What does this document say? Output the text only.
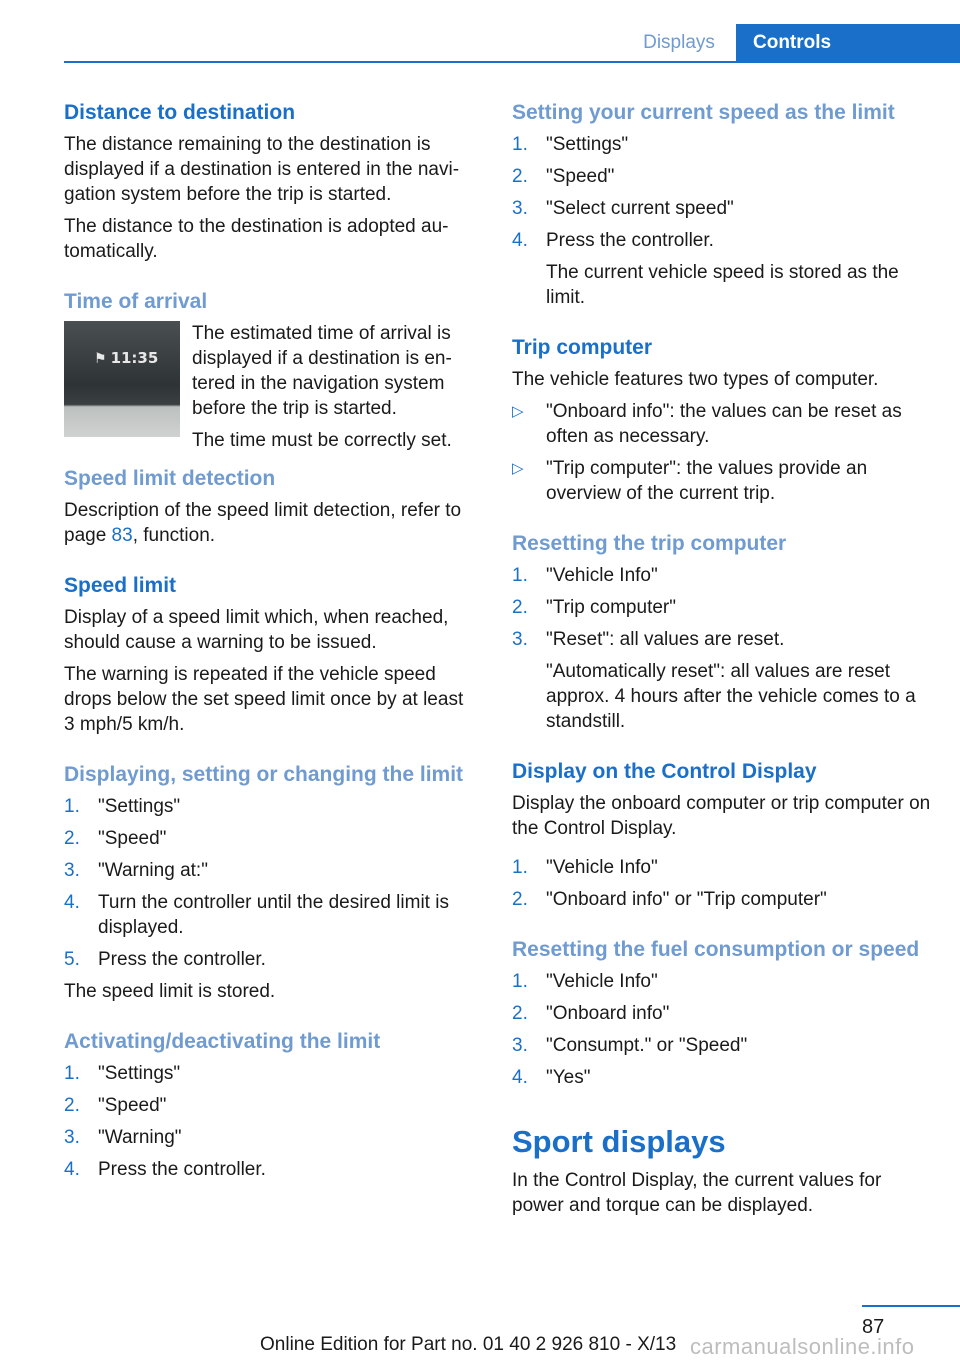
Displays	Controls
Distance to destination

The distance remaining to the destination is displayed if a destination is entered in the navi‐gation system before the trip is started.

The distance to the destination is adopted au‐tomatically.

Time of arrival
⚑ 11:35

The estimated time of arrival is displayed if a destination is en‐tered in the navigation system before the trip is started.

The time must be correctly set.

Speed limit detection

Description of the speed limit detection, refer to page 83, function.

Speed limit

Display of a speed limit which, when reached, should cause a warning to be issued.

The warning is repeated if the vehicle speed drops below the set speed limit once by at least 3 mph/5 km/h.

Displaying, setting or changing the limit
1. "Settings"
2. "Speed"
3. "Warning at:"
4. Turn the controller until the desired limit is displayed.
5. Press the controller.

The speed limit is stored.

Activating/deactivating the limit
1. "Settings"
2. "Speed"
3. "Warning"
4. Press the controller.
Setting your current speed as the limit
1. "Settings"
2. "Speed"
3. "Select current speed"
4. Press the controller.
The current vehicle speed is stored as the limit.
Trip computer

The vehicle features two types of computer.

▷ "Onboard info": the values can be reset as often as necessary.
▷ "Trip computer": the values provide an overview of the current trip.
Resetting the trip computer
1. "Vehicle Info"
2. "Trip computer"
3. "Reset": all values are reset.
"Automatically reset": all values are reset approx. 4 hours after the vehicle comes to a standstill.
Display on the Control Display

Display the onboard computer or trip computer on the Control Display.

1. "Vehicle Info"
2. "Onboard info" or "Trip computer"
Resetting the fuel consumption or speed
1. "Vehicle Info"
2. "Onboard info"
3. "Consumpt." or "Speed"
4. "Yes"
Sport displays

In the Control Display, the current values for power and torque can be displayed.

87
Online Edition for Part no. 01 40 2 926 810 - X/13 carmanualsonline.info
